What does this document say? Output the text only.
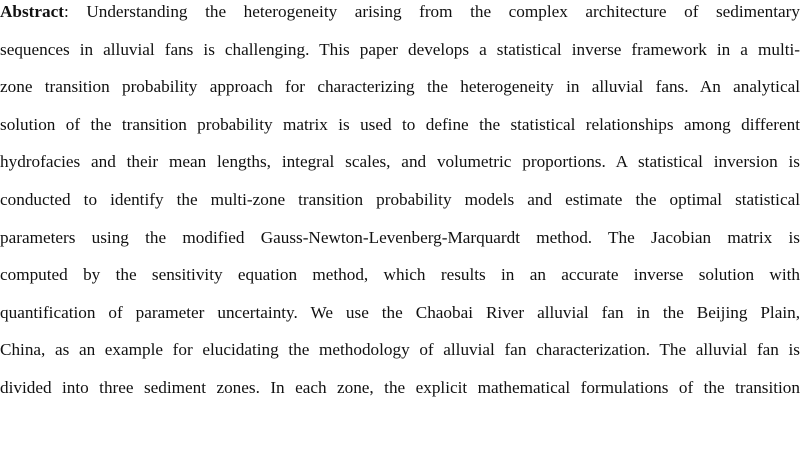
Abstract: Understanding the heterogeneity arising from the complex architecture of sedimentary
sequences in alluvial fans is challenging. This paper develops a statistical inverse framework in a multi-
zone transition probability approach for characterizing the heterogeneity in alluvial fans. An analytical
solution of the transition probability matrix is used to define the statistical relationships among different
hydrofacies and their mean lengths, integral scales, and volumetric proportions. A statistical inversion is
conducted to identify the multi-zone transition probability models and estimate the optimal statistical
parameters using the modified Gauss-Newton-Levenberg-Marquardt method. The Jacobian matrix is
computed by the sensitivity equation method, which results in an accurate inverse solution with
quantification of parameter uncertainty. We use the Chaobai River alluvial fan in the Beijing Plain,
China, as an example for elucidating the methodology of alluvial fan characterization. The alluvial fan is
divided into three sediment zones. In each zone, the explicit mathematical formulations of the transition
